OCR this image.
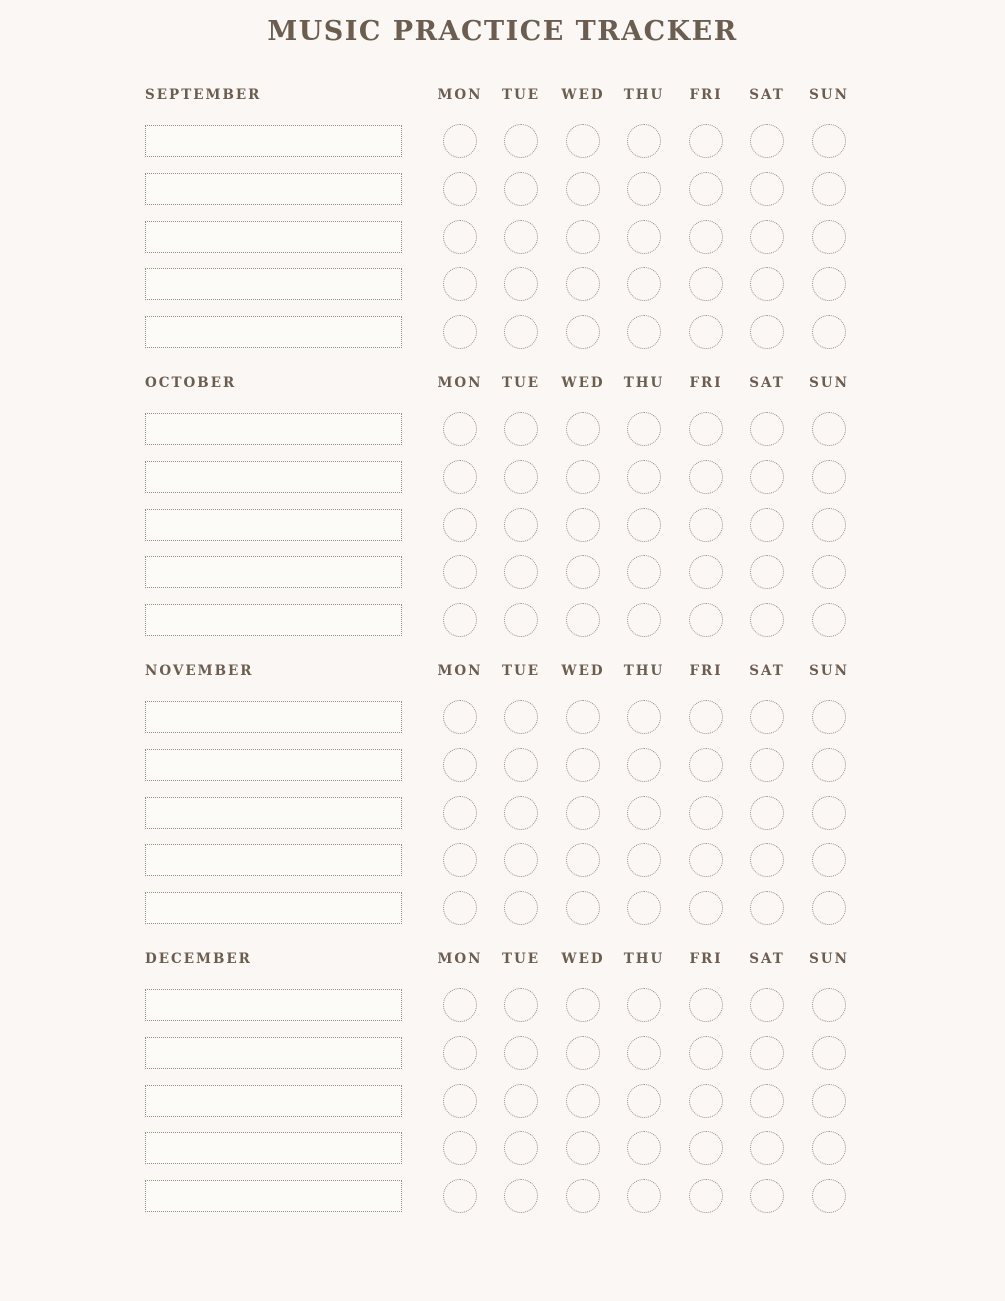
MUSIC PRACTICE TRACKER
SEPTEMBER	MON	TUE	WED	THU	FRI	SAT	SUN
OCTOBER	MON	TUE	WED	THU	FRI	SAT	SUN
NOVEMBER	MON	TUE	WED	THU	FRI	SAT	SUN
DECEMBER	MON	TUE	WED	THU	FRI	SAT	SUN
